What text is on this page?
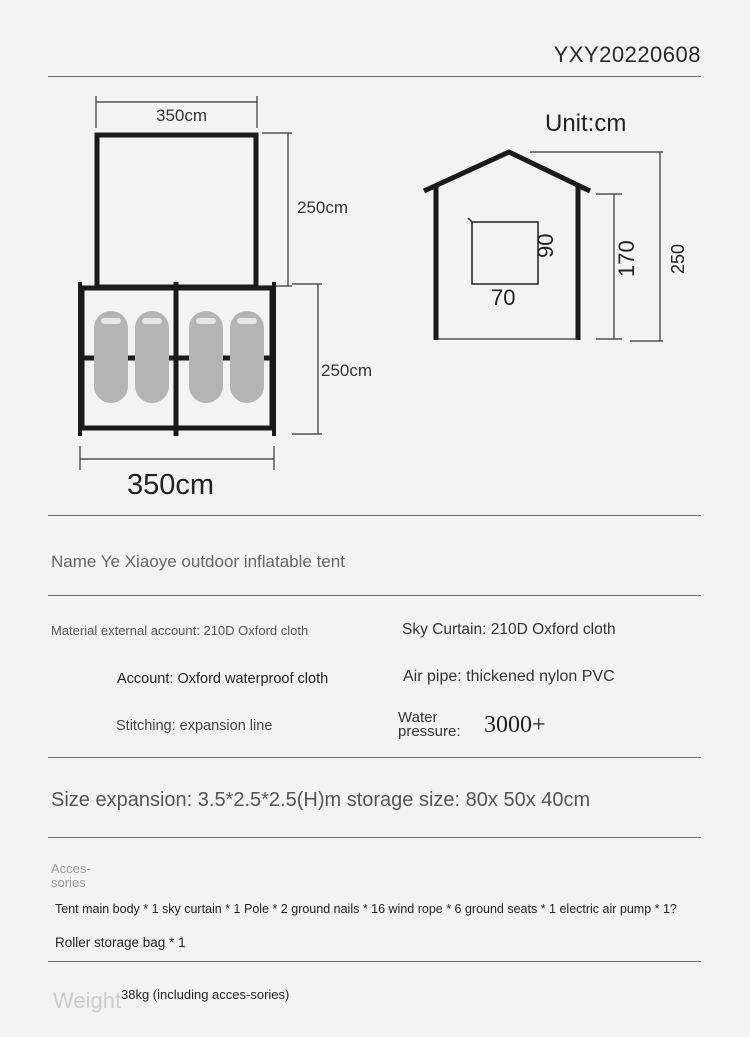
YXY20220608
350cm
250cm
250cm
350cm
Unit:cm
90
70
170 250
Name Ye Xiaoye outdoor inflatable tent
Material external account: 210D Oxford cloth	Sky Curtain: 210D Oxford cloth
Account: Oxford waterproof cloth	Air pipe: thickened nylon PVC
Stitching: expansion line	Water pressure: 3000+
Size expansion: 3.5*2.5*2.5(H)m storage size: 80x 50x 40cm
Acces-sories
Tent main body * 1 sky curtain * 1 Pole * 2 ground nails * 16 wind rope * 6 ground seats * 1 electric air pump * 1?
Roller storage bag * 1
Weight 38kg (including acces-sories)
